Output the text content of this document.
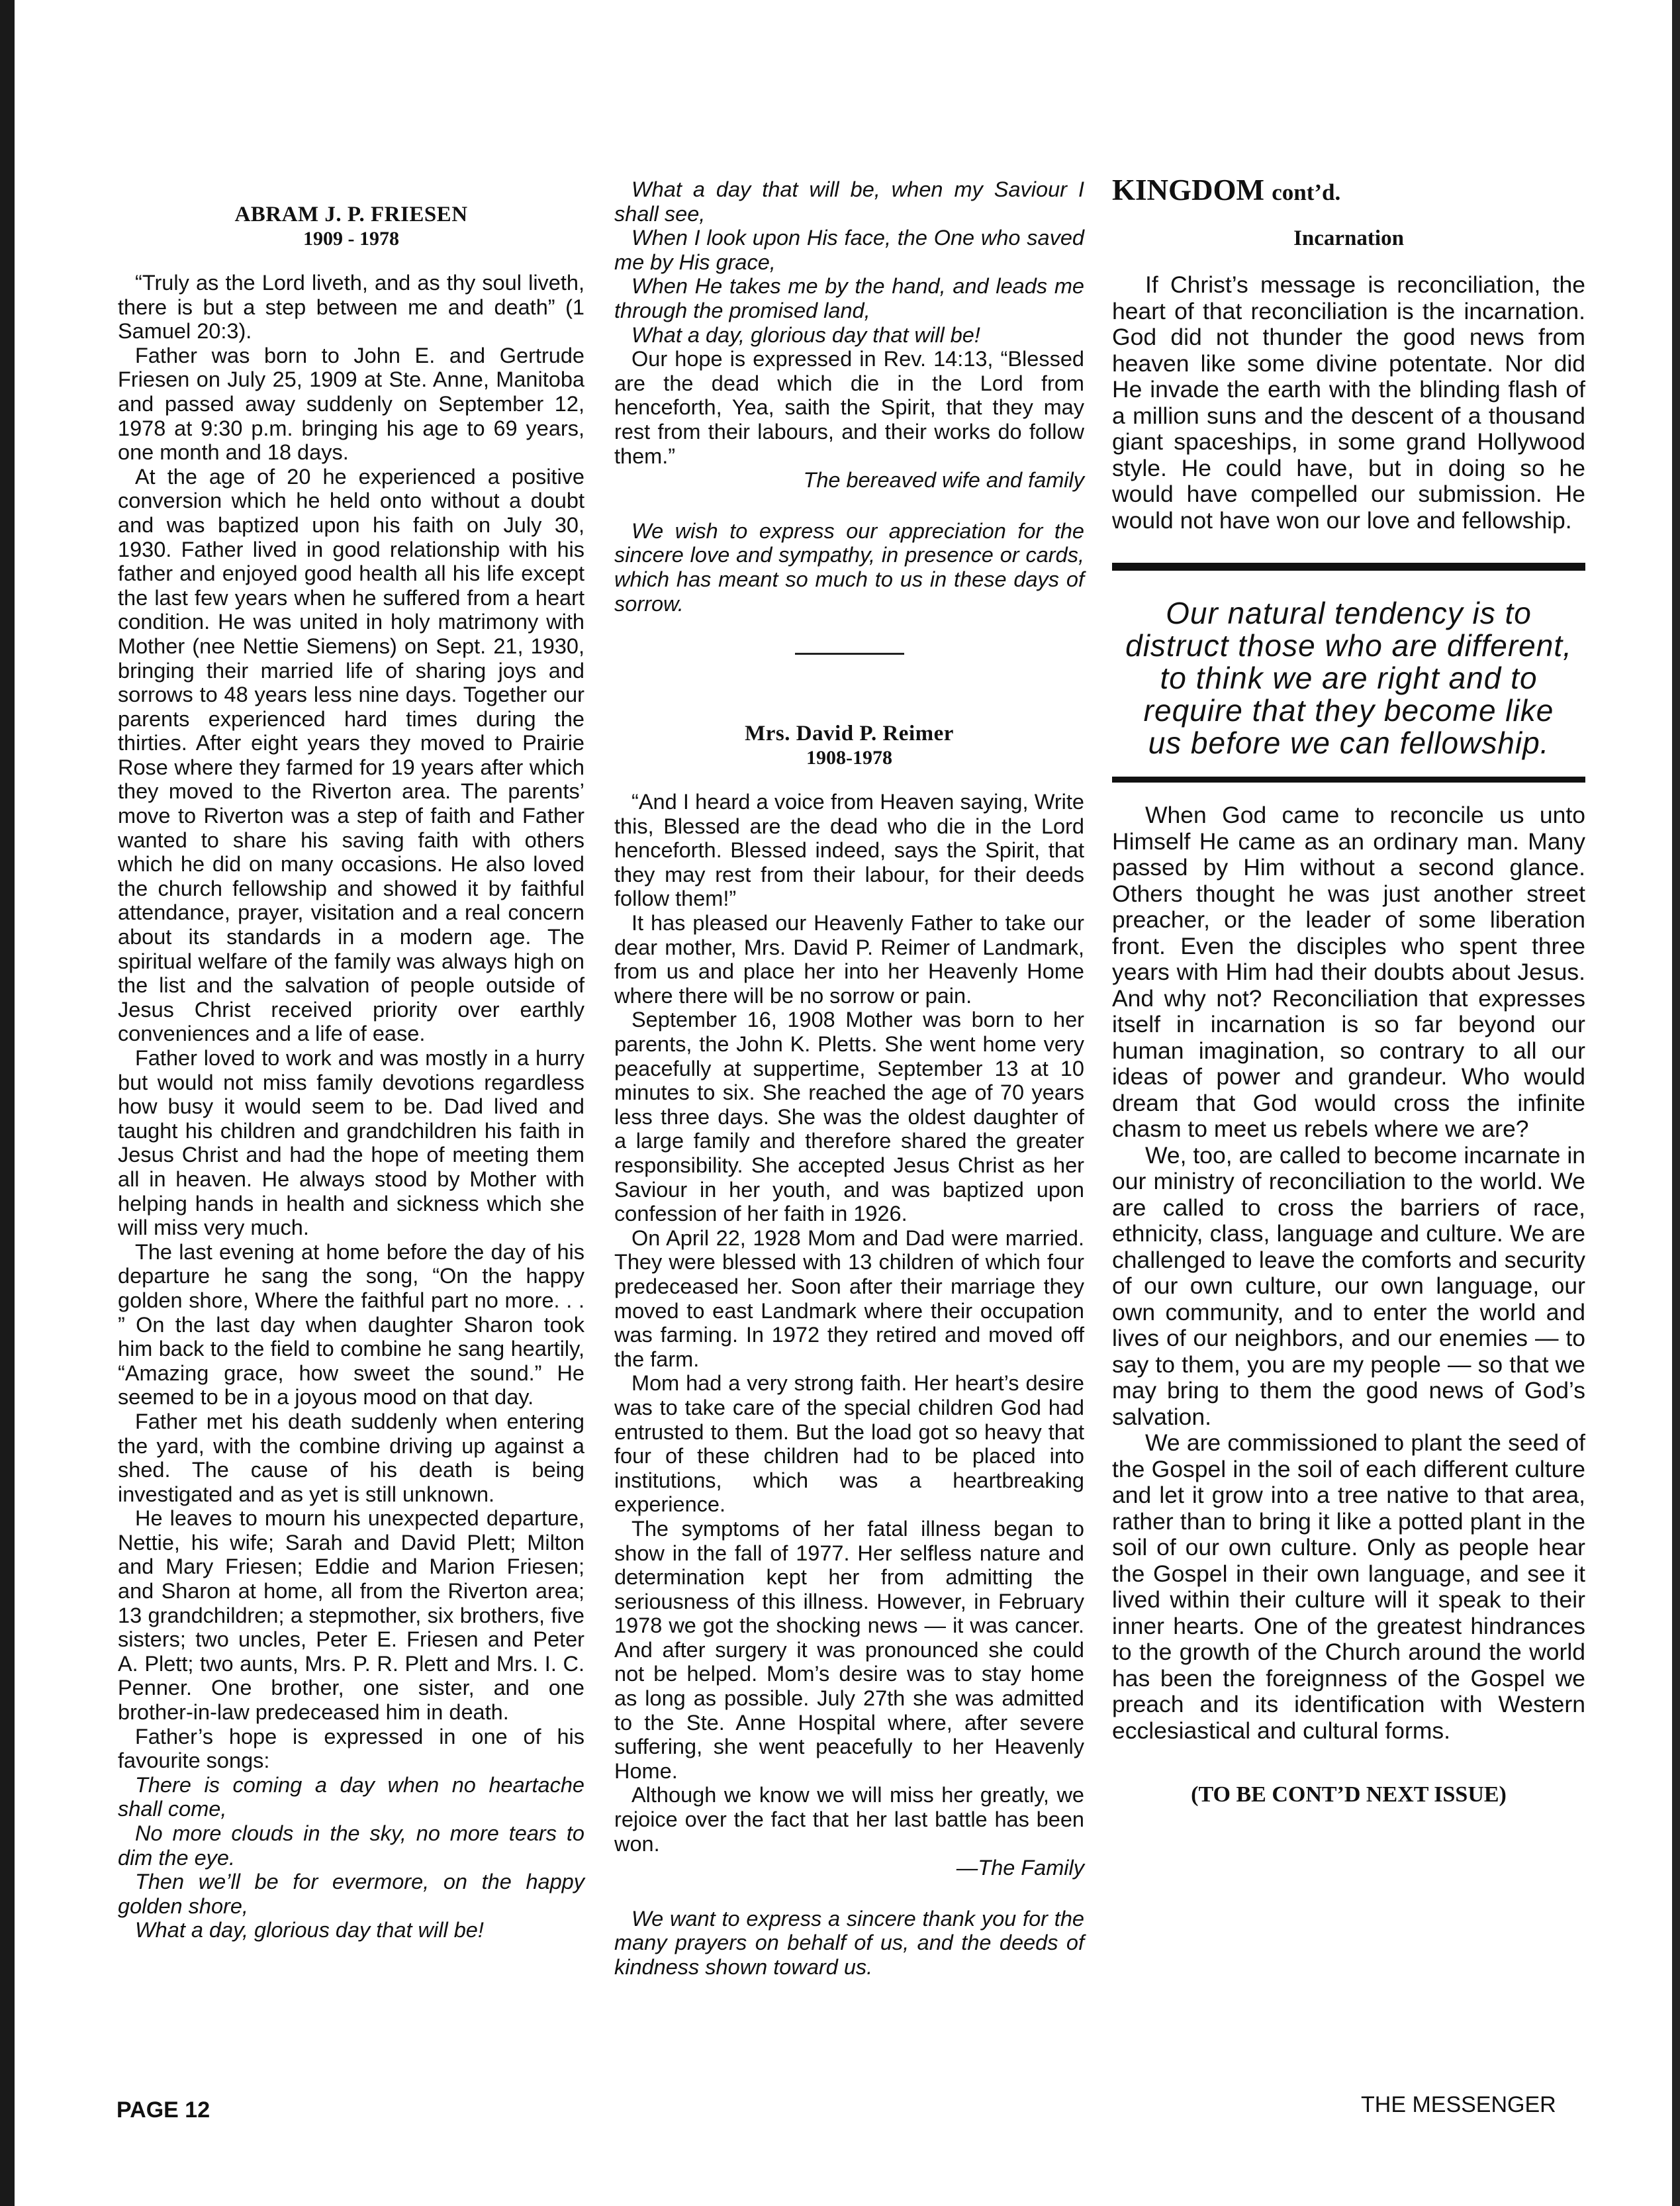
ABRAM J. P. FRIESEN
1909 - 1978

“Truly as the Lord liveth, and as thy soul liveth, there is but a step between me and death” (1 Samuel 20:3).

Father was born to John E. and Gertrude Friesen on July 25, 1909 at Ste. Anne, Manitoba and passed away suddenly on September 12, 1978 at 9:30 p.m. bringing his age to 69 years, one month and 18 days.

At the age of 20 he experienced a positive conversion which he held onto without a doubt and was baptized upon his faith on July 30, 1930. Father lived in good relationship with his father and enjoyed good health all his life except the last few years when he suffered from a heart condition. He was united in holy matrimony with Mother (nee Nettie Siemens) on Sept. 21, 1930, bringing their married life of sharing joys and sorrows to 48 years less nine days. Together our parents experienced hard times during the thirties. After eight years they moved to Prairie Rose where they farmed for 19 years after which they moved to the Riverton area. The parents’ move to Riverton was a step of faith and Father wanted to share his saving faith with others which he did on many occasions. He also loved the church fellowship and showed it by faithful attendance, prayer, visitation and a real concern about its standards in a modern age. The spiritual welfare of the family was always high on the list and the salvation of people outside of Jesus Christ received priority over earthly conveniences and a life of ease.

Father loved to work and was mostly in a hurry but would not miss family devotions regardless how busy it would seem to be. Dad lived and taught his children and grandchildren his faith in Jesus Christ and had the hope of meeting them all in heaven. He always stood by Mother with helping hands in health and sickness which she will miss very much.

The last evening at home before the day of his departure he sang the song, “On the happy golden shore, Where the faithful part no more. . . ” On the last day when daughter Sharon took him back to the field to combine he sang heartily, “Amazing grace, how sweet the sound.” He seemed to be in a joyous mood on that day.

Father met his death suddenly when entering the yard, with the combine driving up against a shed. The cause of his death is being investigated and as yet is still unknown.

He leaves to mourn his unexpected departure, Nettie, his wife; Sarah and David Plett; Milton and Mary Friesen; Eddie and Marion Friesen; and Sharon at home, all from the Riverton area; 13 grandchildren; a stepmother, six brothers, five sisters; two uncles, Peter E. Friesen and Peter A. Plett; two aunts, Mrs. P. R. Plett and Mrs. I. C. Penner. One brother, one sister, and one brother-in-law predeceased him in death.

Father’s hope is expressed in one of his favourite songs:

There is coming a day when no heartache shall come,

No more clouds in the sky, no more tears to dim the eye.

Then we’ll be for evermore, on the happy golden shore,

What a day, glorious day that will be!

What a day that will be, when my Saviour I shall see,

When I look upon His face, the One who saved me by His grace,

When He takes me by the hand, and leads me through the promised land,

What a day, glorious day that will be!

Our hope is expressed in Rev. 14:13, “Blessed are the dead which die in the Lord from henceforth, Yea, saith the Spirit, that they may rest from their labours, and their works do follow them.”

The bereaved wife and family

We wish to express our appreciation for the sincere love and sympathy, in presence or cards, which has meant so much to us in these days of sorrow.

Mrs. David P. Reimer
1908-1978

“And I heard a voice from Heaven saying, Write this, Blessed are the dead who die in the Lord henceforth. Blessed indeed, says the Spirit, that they may rest from their labour, for their deeds follow them!”

It has pleased our Heavenly Father to take our dear mother, Mrs. David P. Reimer of Landmark, from us and place her into her Heavenly Home where there will be no sorrow or pain.

September 16, 1908 Mother was born to her parents, the John K. Pletts. She went home very peacefully at suppertime, September 13 at 10 minutes to six. She reached the age of 70 years less three days. She was the oldest daughter of a large family and therefore shared the greater responsibility. She accepted Jesus Christ as her Saviour in her youth, and was baptized upon confession of her faith in 1926.

On April 22, 1928 Mom and Dad were married. They were blessed with 13 children of which four predeceased her. Soon after their marriage they moved to east Landmark where their occupation was farming. In 1972 they retired and moved off the farm.

Mom had a very strong faith. Her heart’s desire was to take care of the special children God had entrusted to them. But the load got so heavy that four of these children had to be placed into institutions, which was a heartbreaking experience.

The symptoms of her fatal illness began to show in the fall of 1977. Her selfless nature and determination kept her from admitting the seriousness of this illness. However, in February 1978 we got the shocking news — it was cancer. And after surgery it was pronounced she could not be helped. Mom’s desire was to stay home as long as possible. July 27th she was admitted to the Ste. Anne Hospital where, after severe suffering, she went peacefully to her Heavenly Home.

Although we know we will miss her greatly, we rejoice over the fact that her last battle has been won.

—The Family

We want to express a sincere thank you for the many prayers on behalf of us, and the deeds of kindness shown toward us.

KINGDOM cont’d.
Incarnation

If Christ’s message is reconciliation, the heart of that reconciliation is the incarnation. God did not thunder the good news from heaven like some divine potentate. Nor did He invade the earth with the blinding flash of a million suns and the descent of a thousand giant spaceships, in some grand Hollywood style. He could have, but in doing so he would have compelled our submission. He would not have won our love and fellowship.

Our natural tendency is to distruct those who are different, to think we are right and to require that they become like us before we can fellowship.

When God came to reconcile us unto Himself He came as an ordinary man. Many passed by Him without a second glance. Others thought he was just another street preacher, or the leader of some liberation front. Even the disciples who spent three years with Him had their doubts about Jesus. And why not? Reconciliation that expresses itself in incarnation is so far beyond our human imagination, so contrary to all our ideas of power and grandeur. Who would dream that God would cross the infinite chasm to meet us rebels where we are?

We, too, are called to become incarnate in our ministry of reconciliation to the world. We are called to cross the barriers of race, ethnicity, class, language and culture. We are challenged to leave the comforts and security of our own culture, our own language, our own community, and to enter the world and lives of our neighbors, and our enemies — to say to them, you are my people — so that we may bring to them the good news of God’s salvation.

We are commissioned to plant the seed of the Gospel in the soil of each different culture and let it grow into a tree native to that area, rather than to bring it like a potted plant in the soil of our own culture. Only as people hear the Gospel in their own language, and see it lived within their culture will it speak to their inner hearts. One of the greatest hindrances to the growth of the Church around the world has been the foreignness of the Gospel we preach and its identification with Western ecclesiastical and cultural forms.

(TO BE CONT’D NEXT ISSUE)
PAGE 12	THE MESSENGER
